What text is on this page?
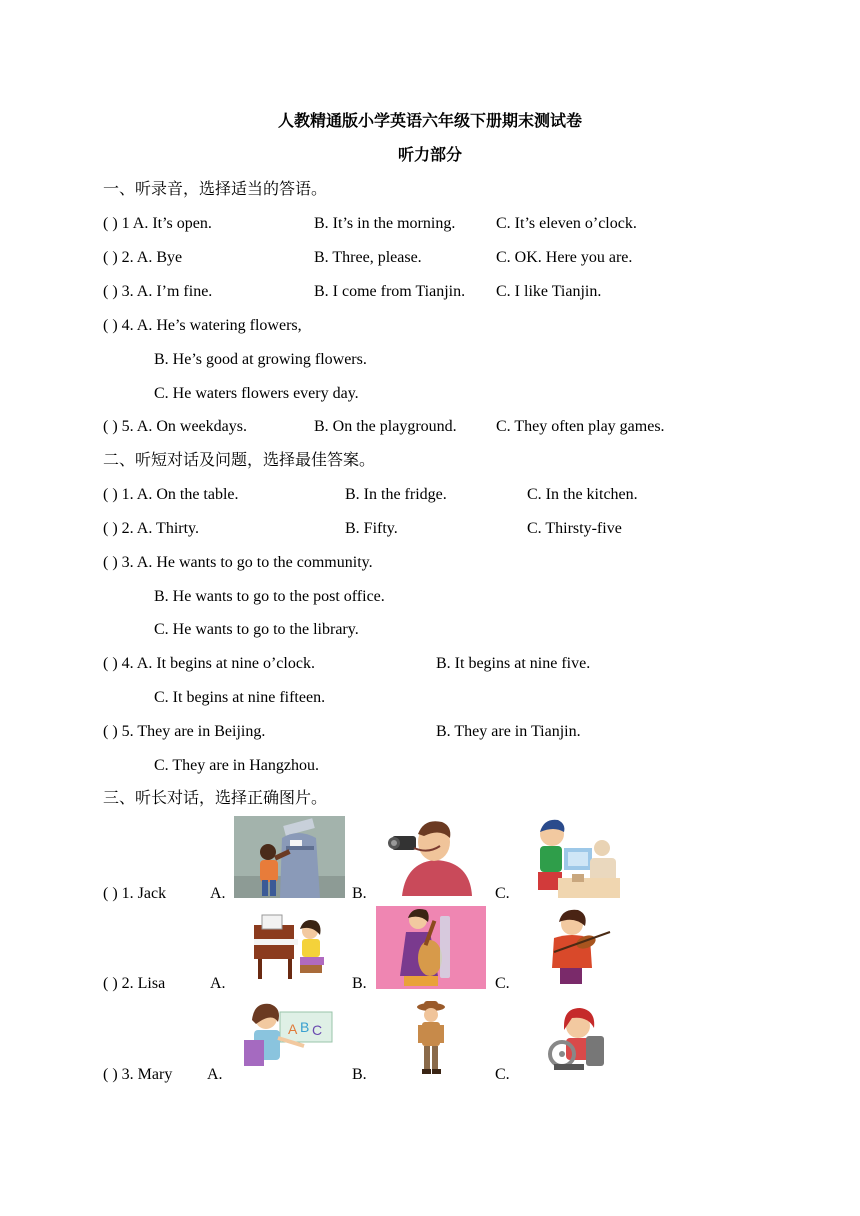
人教精通版小学英语六年级下册期末测试卷
听力部分
一、听录音，选择适当的答语。
( ) 1 A. It’s open.	B. It’s in the morning.	C. It’s eleven o’clock.
( ) 2. A. Bye	B. Three, please.	C. OK. Here you are.
( ) 3. A. I’m fine.	B. I come from Tianjin. C. I like Tianjin.
( ) 4. A. He’s watering flowers,
B. He’s good at growing flowers.
C. He waters flowers every day.
( ) 5. A. On weekdays.	B. On the playground. C. They often play games.
二、听短对话及问题，选择最佳答案。
( ) 1. A. On the table.	B. In the fridge.	C. In the kitchen.
( ) 2. A. Thirty.	B. Fifty.	C. Thirsty-five
( ) 3. A. He wants to go to the community.
B. He wants to go to the post office.
C. He wants to go to the library.
( ) 4. A. It begins at nine o’clock.	B. It begins at nine five.
C. It begins at nine fifteen.
( ) 5. They are in Beijing.	B. They are in Tianjin.
C. They are in Hangzhou.
三、听长对话，选择正确图片。
( ) 1. Jack	A.	B.	C.
( ) 2. Lisa	A.	B.	C.
( ) 3. Mary A.	B.	C.
A B C
